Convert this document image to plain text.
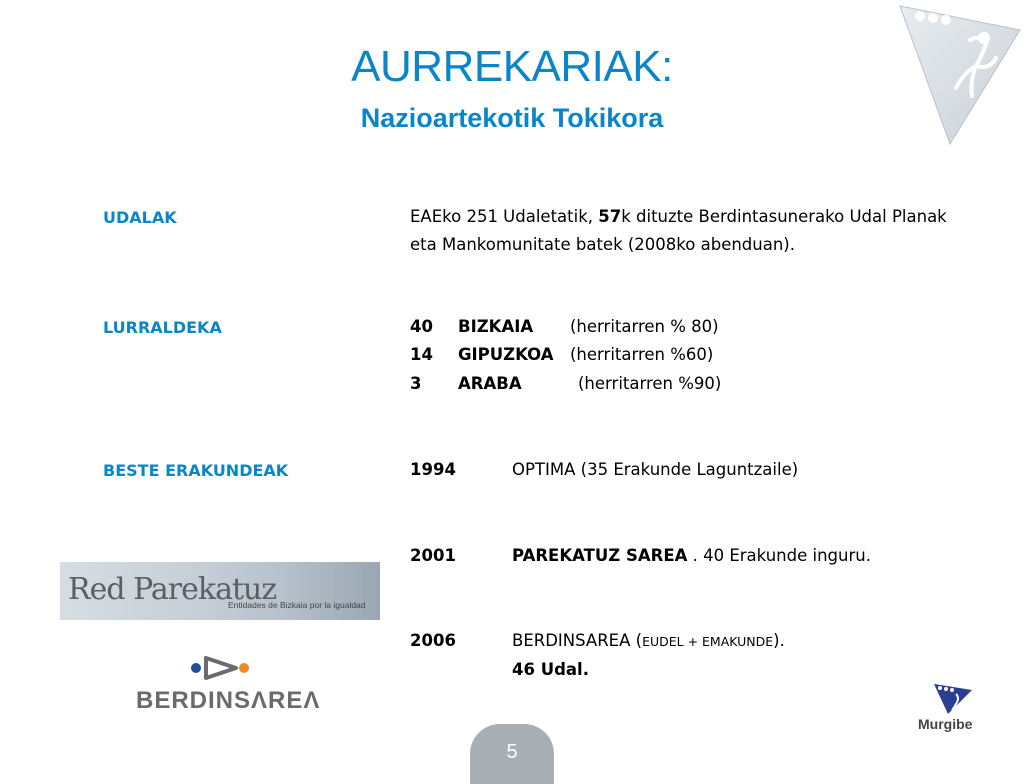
AURREKARIAK:
Nazioartekotik Tokikora
UDALAK	EAEko 251 Udaletatik, 57k dituzte Berdintasunerako Udal Planak
eta Mankomunitate batek (2008ko abenduan).
LURRALDEKA	40 BIZKAIA (herritarren % 80)
14 GIPUZKOA (herritarren %60)
3 ARABA	(herritarren %90)
BESTE ERAKUNDEAK	1994	OPTIMA (35 Erakunde Laguntzaile)
2001	PAREKATUZ SAREA . 40 Erakunde inguru.
2006	BERDINSAREA (EUDEL + EMAKUNDE).
46 Udal.
Red Parekatuz
Entidades de Bizkaia por la igualdad
BERDINSΛREΛ
Murgibe
5
